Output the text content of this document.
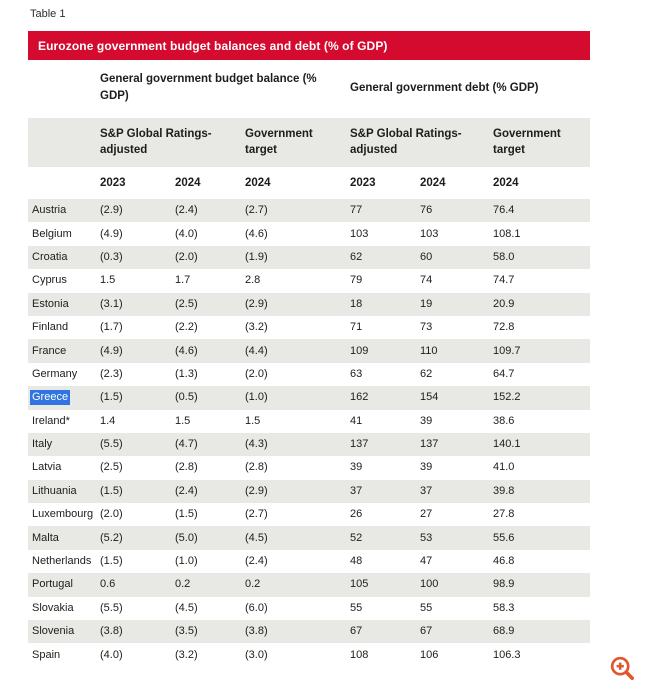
Table 1
Eurozone government budget balances and debt (% of GDP)
General government budget balance (% GDP)
General government debt (% GDP)
S&P Global Ratings-adjusted
Government target
S&P Global Ratings-adjusted
Government target
2023	2024	2024	2023	2024	2024
Austria	(2.9)	(2.4)	(2.7)	77	76	76.4
Belgium	(4.9)	(4.0)	(4.6)	103	103	108.1
Croatia	(0.3)	(2.0)	(1.9)	62	60	58.0
Cyprus	1.5	1.7	2.8	79	74	74.7
Estonia	(3.1)	(2.5)	(2.9)	18	19	20.9
Finland	(1.7)	(2.2)	(3.2)	71	73	72.8
France	(4.9)	(4.6)	(4.4)	109	110	109.7
Germany	(2.3)	(1.3)	(2.0)	63	62	64.7
Greece	(1.5)	(0.5)	(1.0)	162	154	152.2
Ireland*	1.4	1.5	1.5	41	39	38.6
Italy	(5.5)	(4.7)	(4.3)	137	137	140.1
Latvia	(2.5)	(2.8)	(2.8)	39	39	41.0
Lithuania	(1.5)	(2.4)	(2.9)	37	37	39.8
Luxembourg (2.0)	(1.5)	(2.7)	26	27	27.8
Malta	(5.2)	(5.0)	(4.5)	52	53	55.6
Netherlands (1.5)	(1.0)	(2.4)	48	47	46.8
Portugal	0.6	0.2	0.2	105	100	98.9
Slovakia	(5.5)	(4.5)	(6.0)	55	55	58.3
Slovenia	(3.8)	(3.5)	(3.8)	67	67	68.9
Spain	(4.0)	(3.2)	(3.0)	108	106	106.3
